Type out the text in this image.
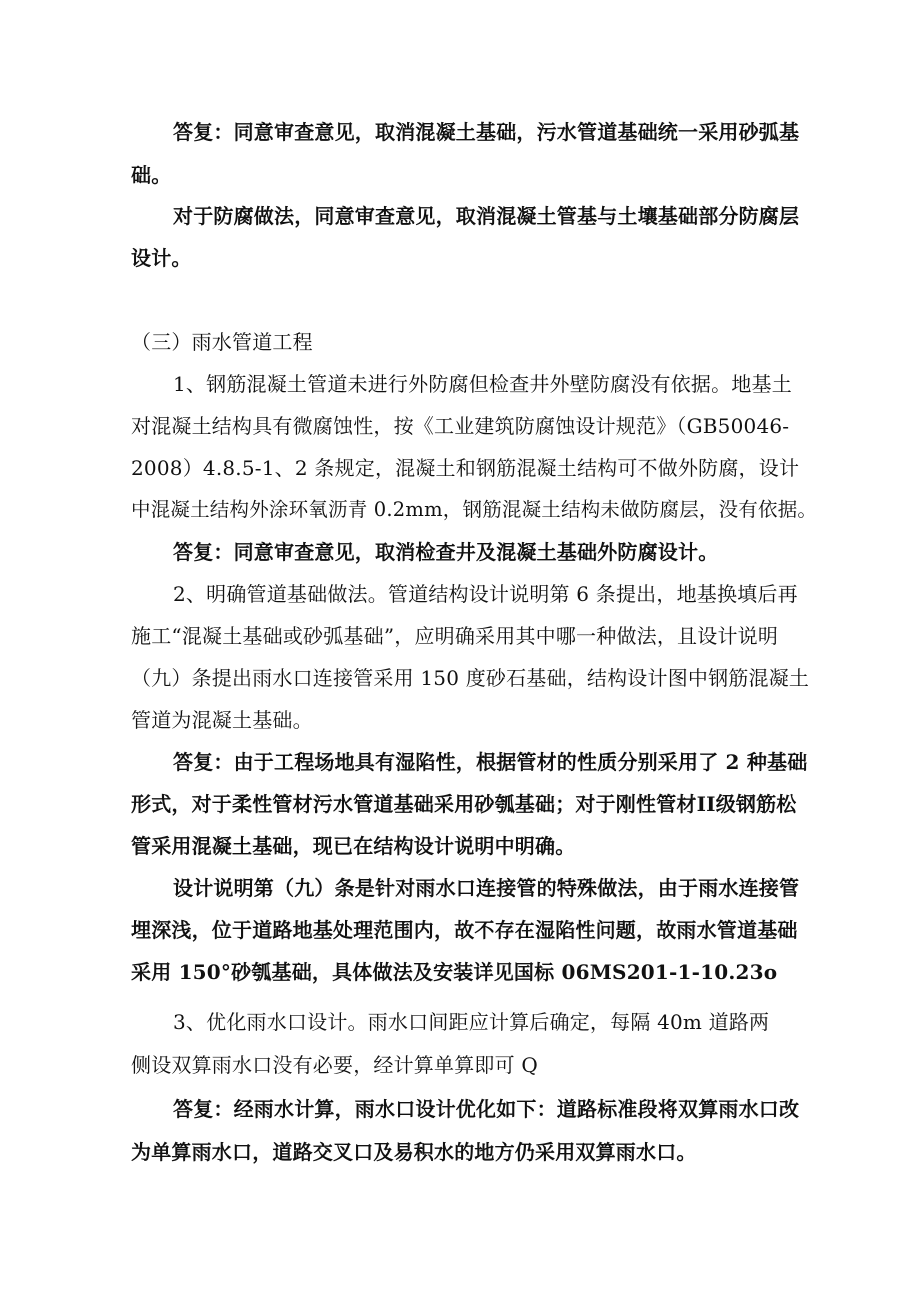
答复：同意审查意见，取消混凝土基础，污水管道基础统一采用砂弧基
础。
对于防腐做法，同意审查意见，取消混凝土管基与土壤基础部分防腐层
设计。
（三）雨水管道工程
1、钢筋混凝土管道未进行外防腐但检查井外壁防腐没有依据。地基土
对混凝土结构具有微腐蚀性，按《工业建筑防腐蚀设计规范》（GB50046-
2008）4.8.5-1、2 条规定，混凝土和钢筋混凝土结构可不做外防腐，设计
中混凝土结构外涂环氧沥青 0.2mm，钢筋混凝土结构未做防腐层，没有依据。
答复：同意审查意见，取消检查井及混凝土基础外防腐设计。
2、明确管道基础做法。管道结构设计说明第 6 条提出，地基换填后再
施工“混凝土基础或砂弧基础”，应明确采用其中哪一种做法，且设计说明
（九）条提出雨水口连接管采用 150 度砂石基础，结构设计图中钢筋混凝土
管道为混凝土基础。
答复：由于工程场地具有湿陷性，根据管材的性质分别采用了 2 种基础
形式，对于柔性管材污水管道基础采用砂瓠基础；对于刚性管材II级钢筋松
管采用混凝土基础，现已在结构设计说明中明确。
设计说明第（九）条是针对雨水口连接管的特殊做法，由于雨水连接管
埋深浅，位于道路地基处理范围内，故不存在湿陷性问题，故雨水管道基础
采用 150°砂瓠基础，具体做法及安装详见国标 06MS201-1-10.23o
3、优化雨水口设计。雨水口间距应计算后确定，每隔 40m 道路两
侧设双算雨水口没有必要，经计算单算即可 Q
答复：经雨水计算，雨水口设计优化如下：道路标准段将双算雨水口改
为单算雨水口，道路交叉口及易积水的地方仍采用双算雨水口。
